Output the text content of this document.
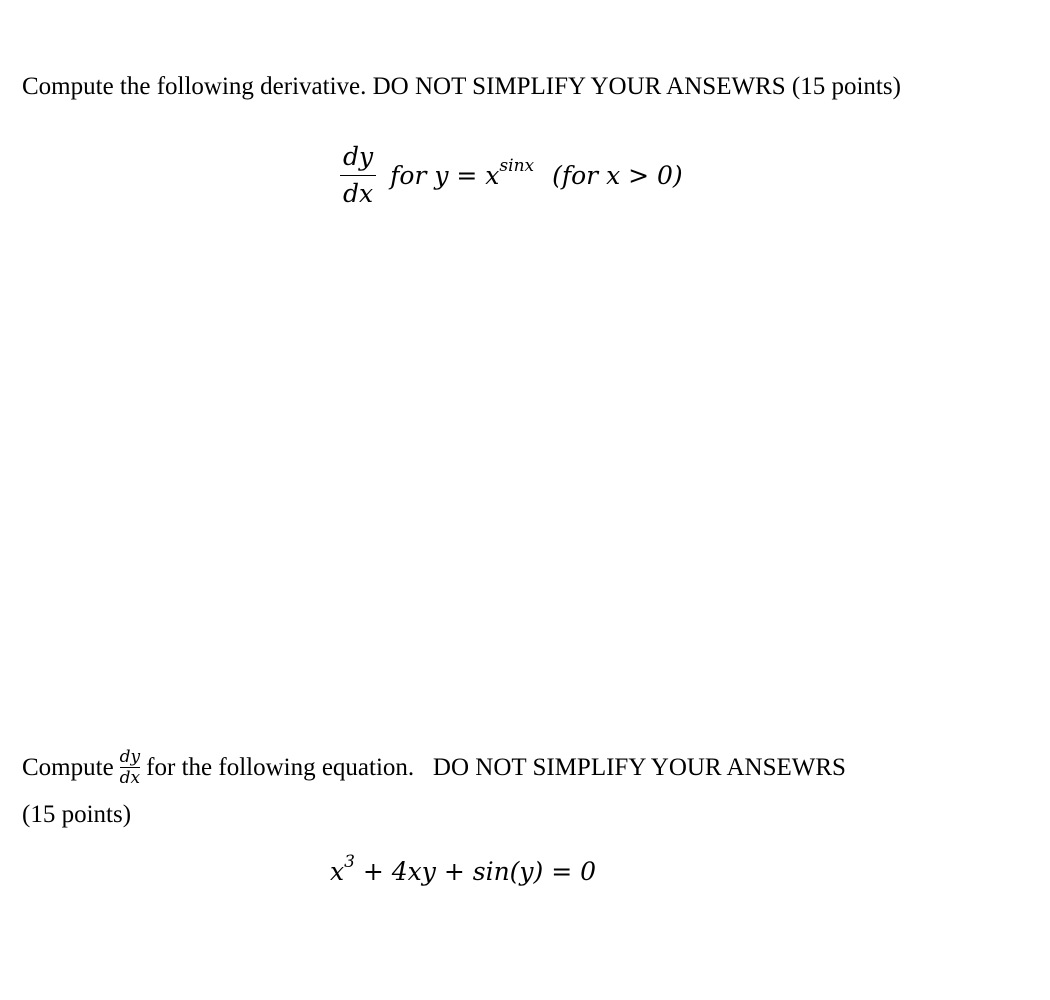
Compute the following derivative. DO NOT SIMPLIFY YOUR ANSEWRS (15 points)
$\frac{dy}{dx}$ for $y = x^{sinx}$ (for x > 0)
Compute dy
dx for the following equation.   DO NOT SIMPLIFY YOUR ANSEWRS
(15 points)
$x^3 + 4xy + \sin(y) = 0$
